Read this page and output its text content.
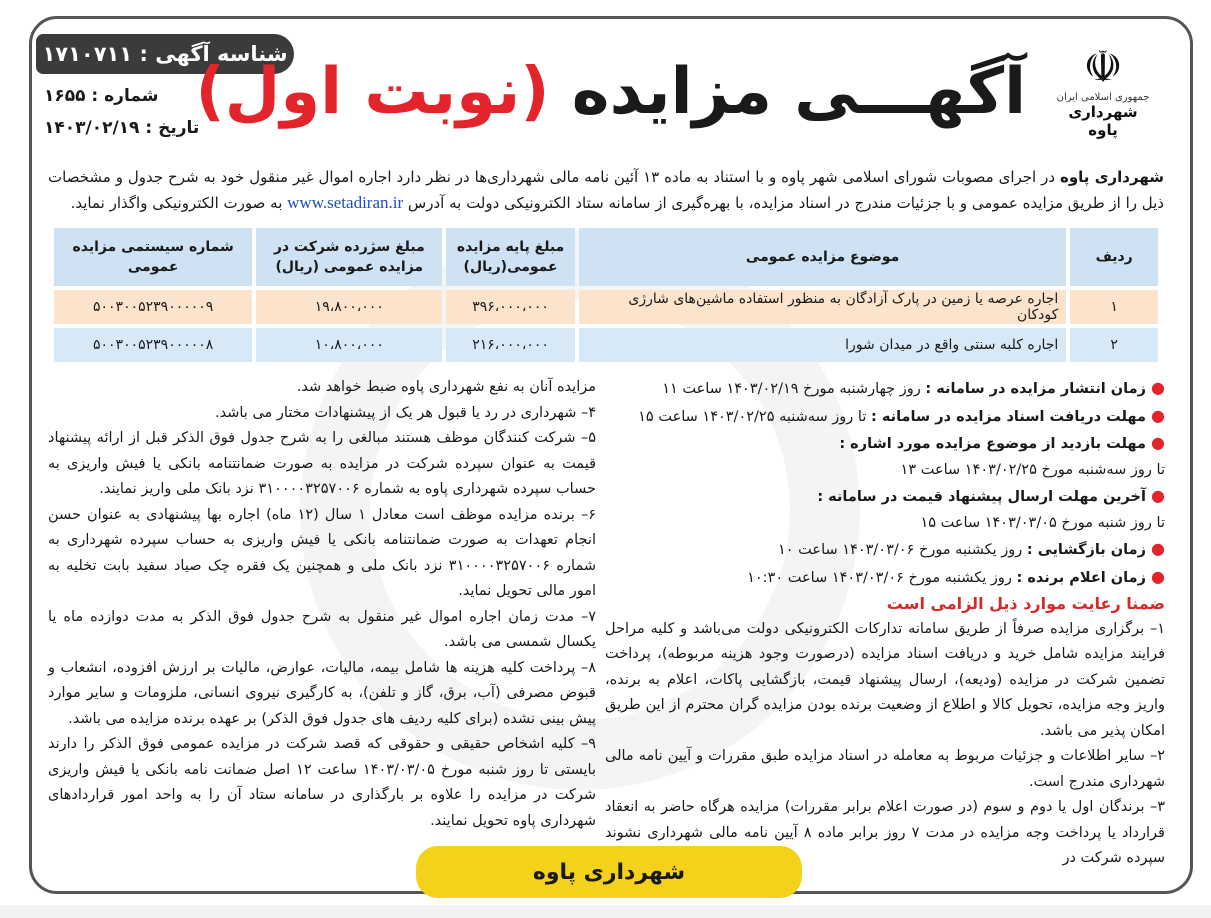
شناسه آگهی : ۱۷۱۰۷۱۱
شماره : ۱۶۵۵
تاریخ : ۱۴۰۳/۰۲/۱۹	آگهـــی مزایده (نوبت اول)	☫
جمهوری اسلامی ایران
شهرداری پاوه
شهرداری پاوه در اجرای مصوبات شورای اسلامی شهر پاوه و با استناد به ماده ۱۳ آئین نامه مالی شهرداری‌ها در نظر دارد اجاره اموال غیر منقول خود به شرح جدول و مشخصات ذیل را از طریق مزایده عمومی و با جزئیات مندرج در اسناد مزایده، با بهره‌گیری از سامانه ستاد الکترونیکی دولت به آدرس www.setadiran.ir به صورت الکترونیکی واگذار نماید.
ردیف	موضوع مزایده عمومی	مبلغ پایه مزایده عمومی(ریال)	مبلغ سژرده شرکت در مزایده عمومی (ریال)	شماره سیستمی مزایده عمومی
۱	اجاره عرصه یا زمین در پارک آزادگان به منظور استفاده ماشین‌های شارژی کودکان	۳۹۶،۰۰۰،۰۰۰	۱۹،۸۰۰،۰۰۰	۵۰۰۳۰۰۵۲۳۹۰۰۰۰۰۹
۲	اجاره کلبه سنتی واقع در میدان شورا	۲۱۶،۰۰۰،۰۰۰	۱۰،۸۰۰،۰۰۰	۵۰۰۳۰۰۵۲۳۹۰۰۰۰۰۸
● زمان انتشار مزایده در سامانه : روز چهارشنبه مورخ ۱۴۰۳/۰۲/۱۹ ساعت ۱۱
● مهلت دریافت اسناد مزایده در سامانه : تا روز سه‌شنبه ۱۴۰۳/۰۲/۲۵ ساعت ۱۵
● مهلت بازدید از موضوع مزایده مورد اشاره :
تا روز سه‌شنبه مورخ ۱۴۰۳/۰۲/۲۵ ساعت ۱۳
● آخرین مهلت ارسال پیشنهاد قیمت در سامانه :
تا روز شنبه مورخ ۱۴۰۳/۰۳/۰۵ ساعت ۱۵
● زمان بازگشایی : روز یکشنبه مورخ ۱۴۰۳/۰۳/۰۶ ساعت ۱۰
● زمان اعلام برنده : روز یکشنبه مورخ ۱۴۰۳/۰۳/۰۶ ساعت ۱۰:۳۰
ضمنا رعایت موارد ذیل الزامی است
۱– برگزاری مزایده صرفاً از طریق سامانه تدارکات الکترونیکی دولت می‌باشد و کلیه مراحل فرایند مزایده شامل خرید و دریافت اسناد مزایده (درصورت وجود هزینه مربوطه)، پرداخت تضمین شرکت در مزایده (ودیعه)، ارسال پیشنهاد قیمت، بازگشایی پاکات، اعلام به برنده، واریز وجه مزایده، تحویل کالا و اطلاع از وضعیت برنده بودن مزایده گران محترم از این طریق امکان پذیر می باشد.
۲– سایر اطلاعات و جزئیات مربوط به معامله در اسناد مزایده طبق مقررات و آیین نامه مالی شهرداری مندرج است.
۳– برندگان اول یا دوم و سوم (در صورت اعلام برابر مقررات) مزایده هرگاه حاضر به انعقاد قرارداد یا پرداخت وجه مزایده در مدت ۷ روز برابر ماده ۸ آیین نامه مالی شهرداری نشوند سپرده شرکت در
مزایده آنان به نفع شهرداری پاوه ضبط خواهد شد.
۴– شهرداری در رد یا قبول هر یک از پیشنهادات مختار می باشد.
۵– شرکت کنندگان موظف هستند مبالغی را به شرح جدول فوق الذکر قبل از ارائه پیشنهاد قیمت به عنوان سپرده شرکت در مزایده به صورت ضمانتنامه بانکی یا فیش واریزی به حساب سپرده شهرداری پاوه به شماره ۳۱۰۰۰۰۳۲۵۷۰۰۶ نزد بانک ملی واریز نمایند.
۶– برنده مزایده موظف است معادل ۱ سال (۱۲ ماه) اجاره بها پیشنهادی به عنوان حسن انجام تعهدات به صورت ضمانتنامه بانکی یا فیش واریزی به حساب سپرده شهرداری به شماره ۳۱۰۰۰۰۳۲۵۷۰۰۶ نزد بانک ملی و همچنین یک فقره چک صیاد سفید بابت تخلیه به امور مالی تحویل نماید.
۷– مدت زمان اجاره اموال غیر منقول به شرح جدول فوق الذکر به مدت دوازده ماه یا یکسال شمسی می باشد.
۸– پرداخت کلیه هزینه ها شامل بیمه، مالیات، عوارض، مالیات بر ارزش افزوده، انشعاب و قبوض مصرفی (آب، برق، گاز و تلفن)، به کارگیری نیروی انسانی، ملزومات و سایر موارد پیش بینی نشده (برای کلیه ردیف های جدول فوق الذکر) بر عهده برنده مزایده می باشد.
۹– کلیه اشخاص حقیقی و حقوقی که قصد شرکت در مزایده عمومی فوق الذکر را دارند بایستی تا روز شنبه مورخ ۱۴۰۳/۰۳/۰۵ ساعت ۱۲ اصل ضمانت نامه بانکی یا فیش واریزی شرکت در مزایده را علاوه بر بارگذاری در سامانه ستاد آن را به واحد امور قراردادهای شهرداری پاوه تحویل نمایند.
شهرداری پاوه
